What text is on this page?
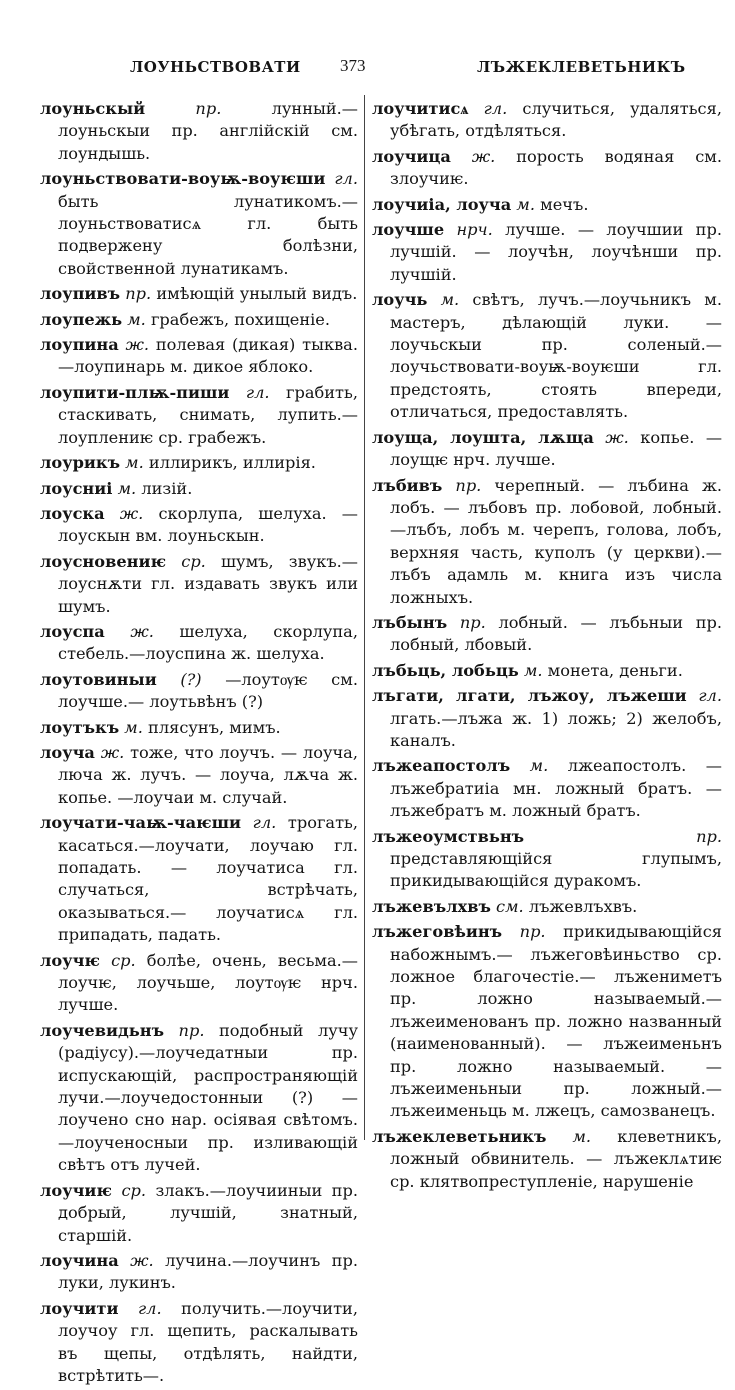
ЛОУНЬСТВОВАТИ 373	ЛЪЖЕКЛЕВЕТЬНИКЪ

лоуньскый	пр.	лунный.—лоуньскыи пр. англійскій см. лоундышь.

лоуньствовати-воуѭ-воуѥши гл. быть лунатикомъ.—лоуньствоватисѧ гл. быть подвержену болѣзни, свойственной лунатикамъ.

лоупивъ пр. имѣющій унылый видъ.

лоупежь м. грабежъ, похищеніе.

лоупина ж. полевая (дикая) тыква. —лоупинарь м. дикое яблоко.

лоупити-плѭ-пиши гл. грабить, стаскивать, снимать, лупить.—лоуплениѥ ср. грабежъ.

лоурикъ м. иллирикъ, иллирія.

лоусниі м. лизій.

лоуска ж. скорлупа, шелуха. — лоускын вм. лоуньскын.

лоусновениѥ ср. шумъ, звукъ.—лоуснѫти гл. издавать звукъ или шумъ.

лоуспа ж. шелуха, скорлупа, стебель.—лоуспина ж. шелуха.

лоутовиныи (?) —лоутѹѥ см. лоучше.— лоутьвѣнъ (?)

лоутъкъ м. плясунъ, мимъ.

лоуча ж. тоже, что лоучъ. — лоуча, люча ж. лучъ. — лоуча, лѫча ж. копье. —лоучаи м. случай.

лоучати-чаѭ-чаѥши гл. трогать, касаться.—лоучати, лоучаю гл. попадать. — лоучатиса гл. случаться, встрѣчать, оказываться.— лоучатисѧ гл. припадать, падать.

лоучѥ ср. болѣе, очень, весьма.—лоучѥ, лоучьше, лоутѹѥ нрч. лучше.

лоучевидьнъ пр. подобный лучу (радіусу).—лоучедатныи пр. испускающій, распространяющій лучи.—лоучедостонныи (?) — лоучено сно нар. осіявая свѣтомъ.—лоученосныи пр. изливающій свѣтъ отъ лучей.

лоучиѥ ср. злакъ.—лоучииныи пр. добрый, лучшій, знатный, старшій.

лоучина ж. лучина.—лоучинъ пр. луки, лукинъ.

лоучити гл. получить.—лоучити, лоучоу гл. щепить, раскалывать въ щепы, отдѣлять, найдти, встрѣтить—.

лоучитисѧ гл. случиться, удаляться, убѣгать, отдѣляться.

лоучица ж. порость водяная см. злоучиѥ.

лоучиіа, лоуча м. мечъ.

лоучше нрч. лучше. — лоучшии пр. лучшій. — лоучѣн, лоучѣнши пр. лучшій.

лоучь м. свѣтъ, лучъ.—лоучьникъ м. мастеръ, дѣлающій луки. — лоучьскыи пр. соленый.—лоучьствовати-воуѭ-воуѥши гл. предстоять, стоять впереди, отличаться, предоставлять.

лоуща, лоушта, лѫща ж. копье. — лоущѥ нрч. лучше.

лъбивъ пр. черепный. — лъбина ж. лобъ. — лъбовъ пр. лобовой, лобный.—лъбъ, лобъ м. черепъ, голова, лобъ, верхняя часть, куполъ (у церкви).—лъбъ адамль м. книга изъ числа ложныхъ.

лъбынъ пр. лобный. — лъбьныи пр. лобный, лбовый.

лъбьць, лобьць м. монета, деньги.

лъгати, лгати, лъжоу, лъжеши гл. лгать.—лъжа ж. 1) ложь; 2) желобъ, каналъ.

лъжеапостолъ м. лжеапостолъ. — лъжебратиіа мн. ложный братъ. — лъжебратъ м. ложный братъ.

лъжеоумствьнъ	пр. представляющійся глупымъ, прикидывающійся дуракомъ.

лъжевълхвъ см. лъжевлъхвъ.

лъжеговѣинъ пр. прикидывающійся набожнымъ.— лъжеговѣиньство ср. ложное благочестіе.— лъжениметъ пр. ложно называемый.— лъжеименованъ пр. ложно названный (наименованный). — лъжеименьнъ пр. ложно называемый. — лъжеименьныи пр. ложный.—лъжеименьць м. лжецъ, самозванецъ.

лъжеклеветьникъ м. клеветникъ, ложный обвинитель. — лъжеклѧтиѥ ср. клятвопреступленіе, нарушеніе
